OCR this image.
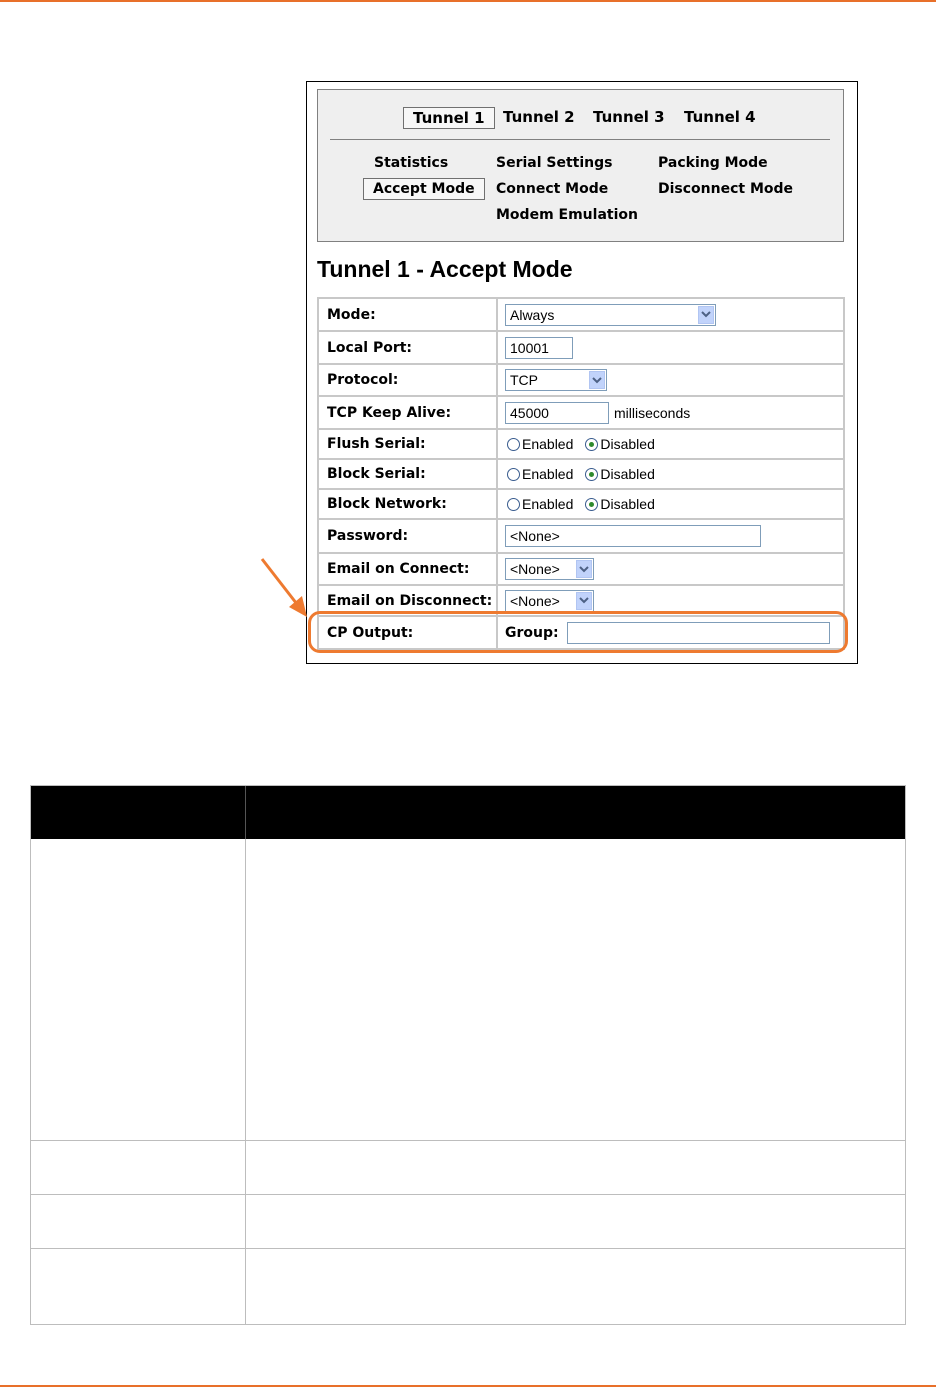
Tunnel 1	Tunnel 2 Tunnel 3 Tunnel 4
Statistics	Serial Settings	Packing Mode
Accept Mode	Connect Mode	Disconnect Mode
Modem Emulation
Tunnel 1 - Accept Mode
Mode:	Always
Local Port:	10001
Protocol:	TCP
TCP Keep Alive:	45000	milliseconds
Flush Serial:	Enabled Disabled
Block Serial:	Enabled Disabled
Block Network:	Enabled Disabled
Password:	<None>
Email on Connect:	<None>
Email on Disconnect:	<None>
CP Output:	Group:
